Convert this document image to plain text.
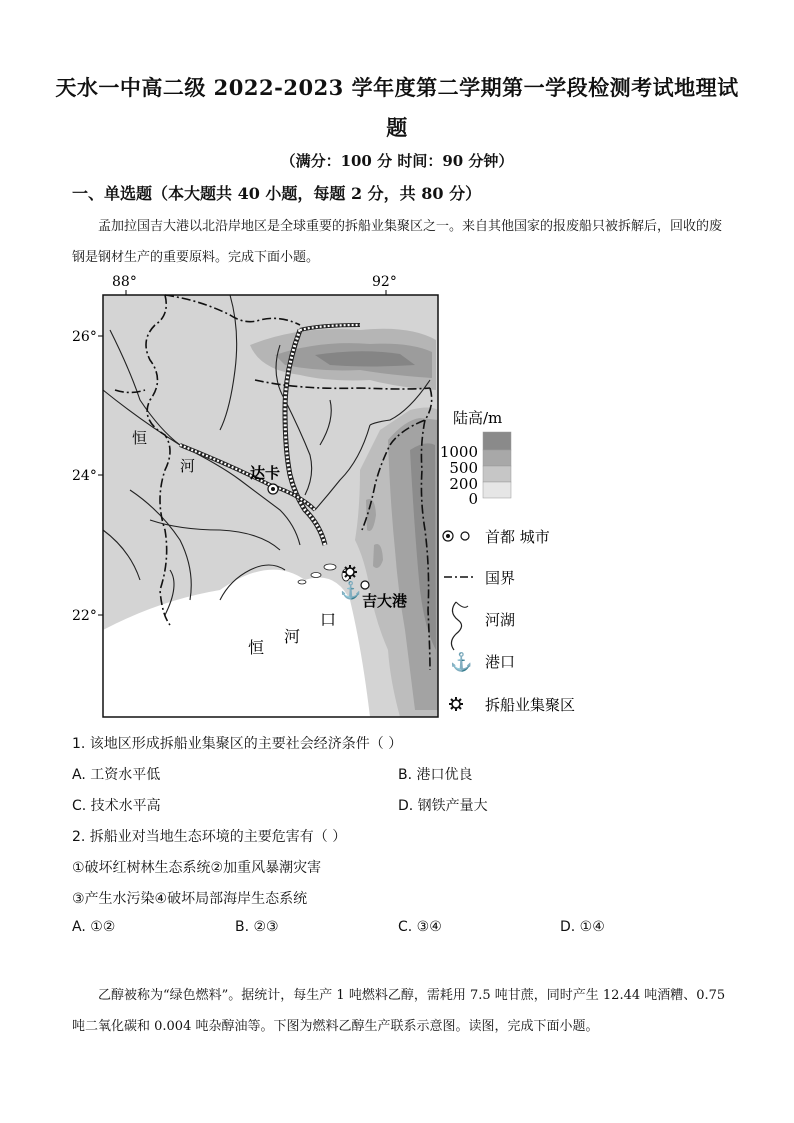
天水一中高二级 2022-2023 学年度第二学期第一学段检测考试地理试
题
（满分：100 分 时间：90 分钟）
一、单选题（本大题共 40 小题，每题 2 分，共 80 分）
孟加拉国吉大港以北沿岸地区是全球重要的拆船业集聚区之一。来自其他国家的报废船只被拆解后，回收的废钢是钢材生产的重要原料。完成下面小题。
88°	92°
26°
24°
22°
恒
河
恒
河
口
达卡
⚓ 吉大港
陆高/m
1000
500
200
0
首都 城市
国界
河湖
⚓ 港口
拆船业集聚区
1. 该地区形成拆船业集聚区的主要社会经济条件（ ）
A. 工资水平低	B. 港口优良
C. 技术水平高	D. 钢铁产量大
2. 拆船业对当地生态环境的主要危害有（ ）
①破坏红树林生态系统②加重风暴潮灾害
③产生水污染④破坏局部海岸生态系统
A. ①②	B. ②③	C. ③④	D. ①④
乙醇被称为“绿色燃料”。据统计，每生产 1 吨燃料乙醇，需耗用 7.5 吨甘蔗，同时产生 12.44 吨酒糟、0.75 吨二氧化碳和 0.004 吨杂醇油等。下图为燃料乙醇生产联系示意图。读图，完成下面小题。
